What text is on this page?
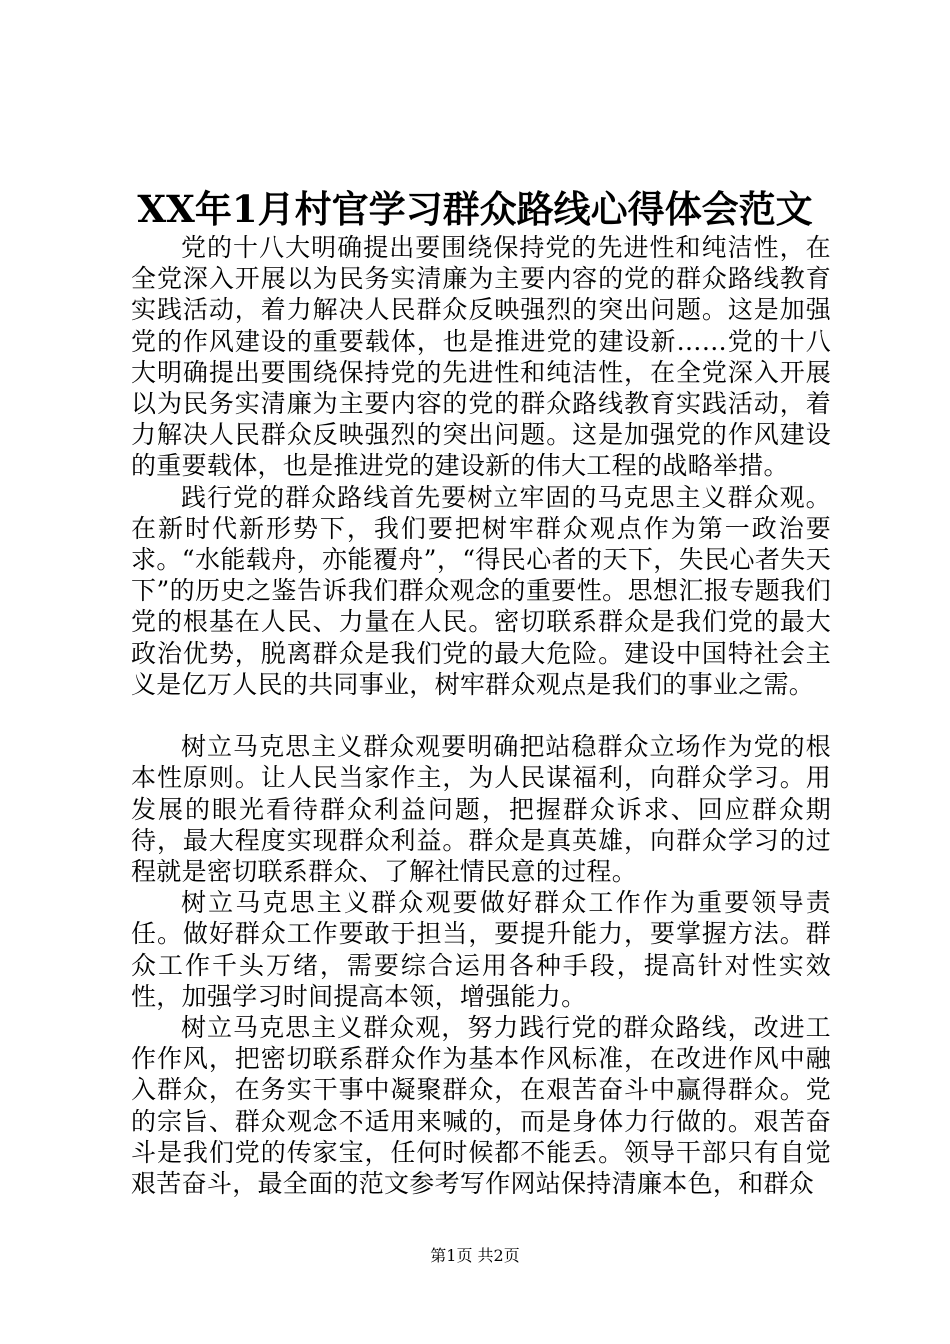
XX年1月村官学习群众路线心得体会范文

党的十八大明确提出要围绕保持党的先进性和纯洁性，在全党深入开展以为民务实清廉为主要内容的党的群众路线教育实践活动，着力解决人民群众反映强烈的突出问题。这是加强党的作风建设的重要载体，也是推进党的建设新……党的十八大明确提出要围绕保持党的先进性和纯洁性，在全党深入开展以为民务实清廉为主要内容的党的群众路线教育实践活动，着力解决人民群众反映强烈的突出问题。这是加强党的作风建设的重要载体，也是推进党的建设新的伟大工程的战略举措。

践行党的群众路线首先要树立牢固的马克思主义群众观。在新时代新形势下，我们要把树牢群众观点作为第一政治要求。“水能载舟，亦能覆舟”，“得民心者的天下，失民心者失天下”的历史之鉴告诉我们群众观念的重要性。思想汇报专题我们党的根基在人民、力量在人民。密切联系群众是我们党的最大政治优势，脱离群众是我们党的最大危险。建设中国特社会主义是亿万人民的共同事业，树牢群众观点是我们的事业之需。

树立马克思主义群众观要明确把站稳群众立场作为党的根本性原则。让人民当家作主，为人民谋福利，向群众学习。用发展的眼光看待群众利益问题，把握群众诉求、回应群众期待，最大程度实现群众利益。群众是真英雄，向群众学习的过程就是密切联系群众、了解社情民意的过程。

树立马克思主义群众观要做好群众工作作为重要领导责任。做好群众工作要敢于担当，要提升能力，要掌握方法。群众工作千头万绪，需要综合运用各种手段，提高针对性实效性，加强学习时间提高本领，增强能力。

树立马克思主义群众观，努力践行党的群众路线，改进工作作风，把密切联系群众作为基本作风标准，在改进作风中融入群众，在务实干事中凝聚群众，在艰苦奋斗中赢得群众。党的宗旨、群众观念不适用来喊的，而是身体力行做的。艰苦奋斗是我们党的传家宝，任何时候都不能丢。领导干部只有自觉艰苦奋斗，最全面的范文参考写作网站保持清廉本色，和群众

第1页 共2页
